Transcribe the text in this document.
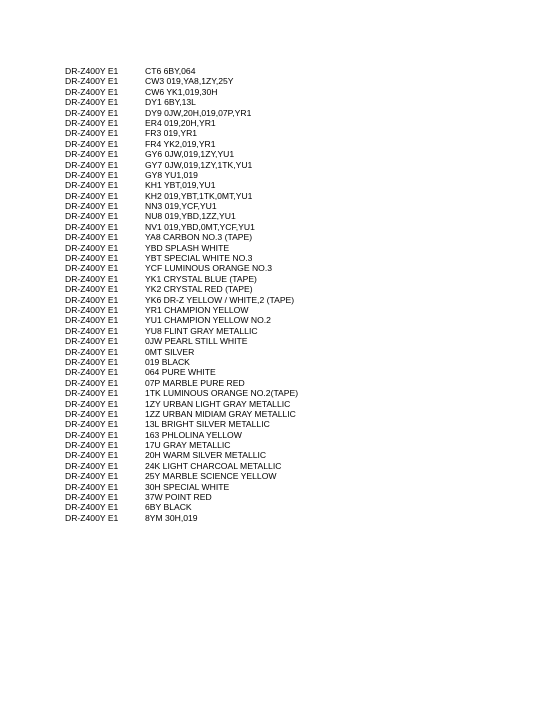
DR-Z400Y E1	CT6 6BY,064
DR-Z400Y E1	CW3 019,YA8,1ZY,25Y
DR-Z400Y E1	CW6 YK1,019,30H
DR-Z400Y E1	DY1 6BY,13L
DR-Z400Y E1	DY9 0JW,20H,019,07P,YR1
DR-Z400Y E1	ER4 019,20H,YR1
DR-Z400Y E1	FR3 019,YR1
DR-Z400Y E1	FR4 YK2,019,YR1
DR-Z400Y E1	GY6 0JW,019,1ZY,YU1
DR-Z400Y E1	GY7 0JW,019,1ZY,1TK,YU1
DR-Z400Y E1	GY8 YU1,019
DR-Z400Y E1	KH1 YBT,019,YU1
DR-Z400Y E1	KH2 019,YBT,1TK,0MT,YU1
DR-Z400Y E1	NN3 019,YCF,YU1
DR-Z400Y E1	NU8 019,YBD,1ZZ,YU1
DR-Z400Y E1	NV1 019,YBD,0MT,YCF,YU1
DR-Z400Y E1	YA8 CARBON NO.3 (TAPE)
DR-Z400Y E1	YBD SPLASH WHITE
DR-Z400Y E1	YBT SPECIAL WHITE NO.3
DR-Z400Y E1	YCF LUMINOUS ORANGE NO.3
DR-Z400Y E1	YK1 CRYSTAL BLUE (TAPE)
DR-Z400Y E1	YK2 CRYSTAL RED (TAPE)
DR-Z400Y E1	YK6 DR-Z YELLOW / WHITE,2 (TAPE)
DR-Z400Y E1	YR1 CHAMPION YELLOW
DR-Z400Y E1	YU1 CHAMPION YELLOW NO.2
DR-Z400Y E1	YU8 FLINT GRAY METALLIC
DR-Z400Y E1	0JW PEARL STILL WHITE
DR-Z400Y E1	0MT SILVER
DR-Z400Y E1	019 BLACK
DR-Z400Y E1	064 PURE WHITE
DR-Z400Y E1	07P MARBLE PURE RED
DR-Z400Y E1	1TK LUMINOUS ORANGE NO.2(TAPE)
DR-Z400Y E1	1ZY URBAN LIGHT GRAY METALLIC
DR-Z400Y E1	1ZZ URBAN MIDIAM GRAY METALLIC
DR-Z400Y E1	13L BRIGHT SILVER METALLIC
DR-Z400Y E1	163 PHLOLINA YELLOW
DR-Z400Y E1	17U GRAY METALLIC
DR-Z400Y E1	20H WARM SILVER METALLIC
DR-Z400Y E1	24K LIGHT CHARCOAL METALLIC
DR-Z400Y E1	25Y MARBLE SCIENCE YELLOW
DR-Z400Y E1	30H SPECIAL WHITE
DR-Z400Y E1	37W POINT RED
DR-Z400Y E1	6BY BLACK
DR-Z400Y E1	8YM 30H,019
